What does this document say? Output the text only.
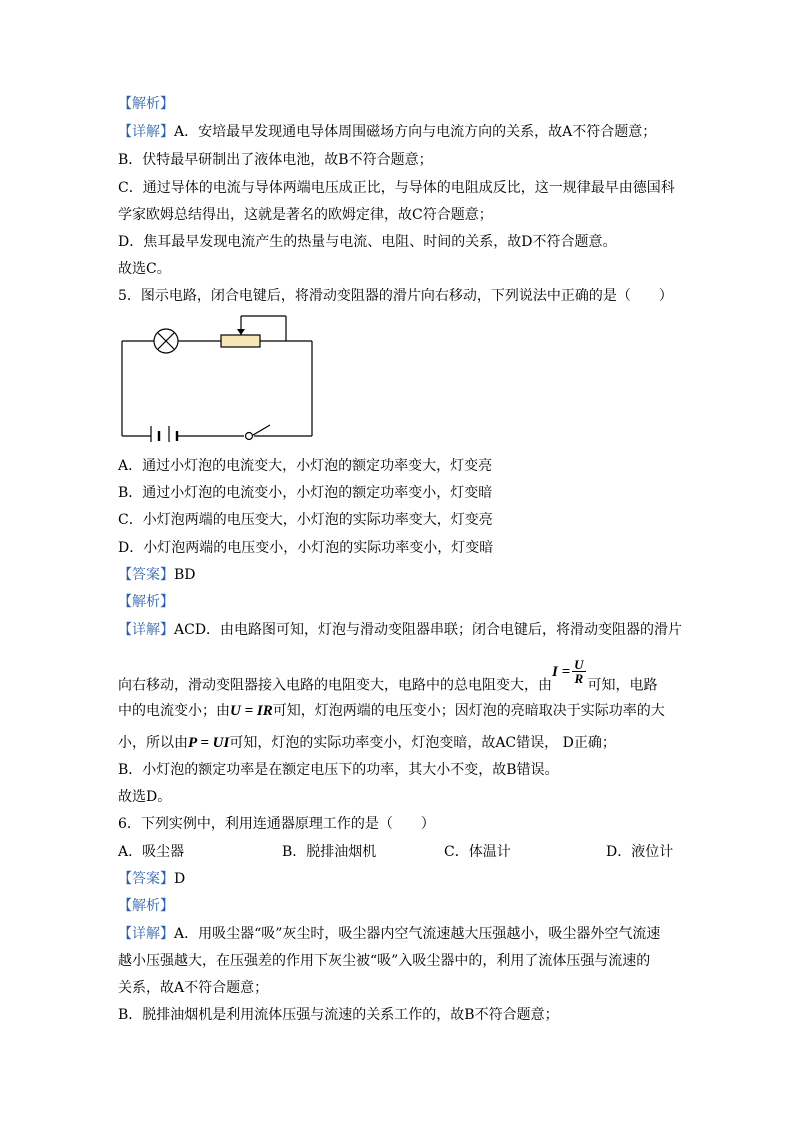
【解析】
【详解】A．安培最早发现通电导体周围磁场方向与电流方向的关系，故A不符合题意；
B．伏特最早研制出了液体电池，故B不符合题意；
C．通过导体的电流与导体两端电压成正比，与导体的电阻成反比，这一规律最早由德国科
学家欧姆总结得出，这就是著名的欧姆定律，故C符合题意；
D．焦耳最早发现电流产生的热量与电流、电阻、时间的关系，故D不符合题意。
故选C。
5．图示电路，闭合电键后，将滑动变阻器的滑片向右移动，下列说法中正确的是（　　）
A．通过小灯泡的电流变大，小灯泡的额定功率变大，灯变亮
B．通过小灯泡的电流变小，小灯泡的额定功率变小，灯变暗
C．小灯泡两端的电压变大，小灯泡的实际功率变大，灯变亮
D．小灯泡两端的电压变小，小灯泡的实际功率变小，灯变暗
【答案】BD
【解析】
【详解】ACD．由电路图可知，灯泡与滑动变阻器串联；闭合电键后，将滑动变阻器的滑片
向右移动，滑动变阻器接入电路的电阻变大，电路中的总电阻变大，由$I = \frac{U}{R}$
可知，电路
中的电流变小；由U = IR可知，灯泡两端的电压变小；因灯泡的亮暗取决于实际功率的大
小，所以由P = UI可知，灯泡的实际功率变小，灯泡变暗，故AC错误， D正确；
B．小灯泡的额定功率是在额定电压下的功率，其大小不变，故B错误。
故选D。
6．下列实例中，利用连通器原理工作的是（　　）
A．吸尘器	B．脱排油烟机	C．体温计	D．液位计
【答案】D
【解析】
【详解】A．用吸尘器“吸”灰尘时，吸尘器内空气流速越大压强越小，吸尘器外空气流速
越小压强越大，在压强差的作用下灰尘被“吸”入吸尘器中的，利用了流体压强与流速的
关系，故A不符合题意；
B．脱排油烟机是利用流体压强与流速的关系工作的，故B不符合题意；
